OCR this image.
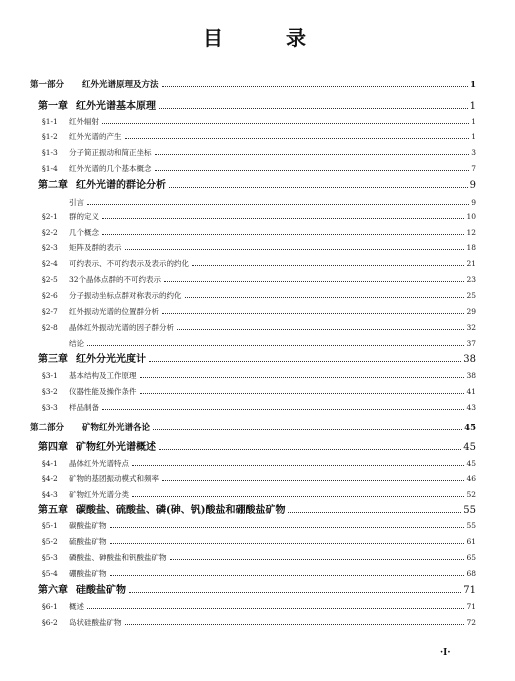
目 录
第一部分 红外光谱原理及方法	1
第一章 红外光谱基本原理	1
§1-1 红外辐射	1
§1-2 红外光谱的产生	1
§1-3 分子简正振动和简正坐标	3
§1-4 红外光谱的几个基本概念	7
第二章 红外光谱的群论分析	9
引言	9
§2-1 群的定义	10
§2-2 几个概念	12
§2-3 矩阵及群的表示	18
§2-4 可约表示、不可约表示及表示的约化	21
§2-5 32个晶体点群的不可约表示	23
§2-6 分子振动坐标点群对称表示的约化	25
§2-7 红外振动光谱的位置群分析	29
§2-8 晶体红外振动光谱的因子群分析	32
结论	37
第三章 红外分光光度计	38
§3-1 基本结构及工作原理	38
§3-2 仪器性能及操作条件	41
§3-3 样品制备	43
第二部分 矿物红外光谱各论	45
第四章 矿物红外光谱概述	45
§4-1 晶体红外光谱特点	45
§4-2 矿物的基团振动模式和频率	46
§4-3 矿物红外光谱分类	52
第五章 碳酸盐、硫酸盐、磷(砷、钒)酸盐和硼酸盐矿物	55
§5-1 碳酸盐矿物	55
§5-2 硫酸盐矿物	61
§5-3 磷酸盐、砷酸盐和钒酸盐矿物	65
§5-4 硼酸盐矿物	68
第六章 硅酸盐矿物	71
§6-1 概述	71
§6-2 岛状硅酸盐矿物	72
·I·
